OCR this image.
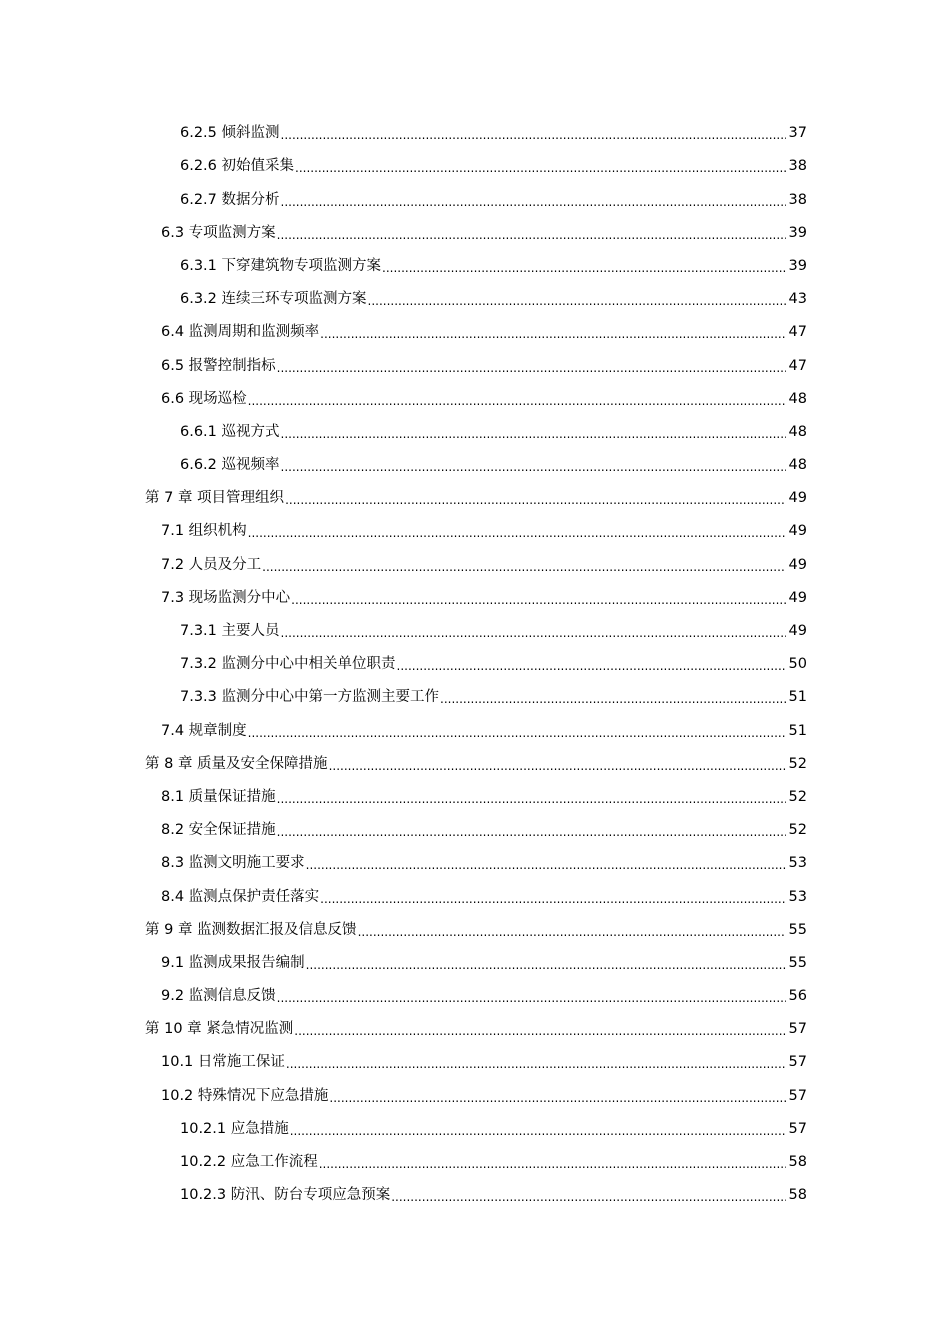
6.2.5 倾斜监测 .....	37
6.2.6 初始值采集 .....	38
6.2.7 数据分析 .....	38
6.3 专项监测方案 .....	39
6.3.1 下穿建筑物专项监测方案 .....	39
6.3.2 连续三环专项监测方案 .....	43
6.4 监测周期和监测频率 .....	47
6.5 报警控制指标 .....	47
6.6 现场巡检 .....	48
6.6.1 巡视方式 .....	48
6.6.2 巡视频率 .....	48
第 7 章 项目管理组织 .....	49
7.1 组织机构 .....	49
7.2 人员及分工 .....	49
7.3 现场监测分中心 .....	49
7.3.1 主要人员 .....	49
7.3.2 监测分中心中相关单位职责 .....	50
7.3.3 监测分中心中第一方监测主要工作 .....	51
7.4 规章制度 .....	51
第 8 章 质量及安全保障措施 .....	52
8.1 质量保证措施 .....	52
8.2 安全保证措施 .....	52
8.3 监测文明施工要求 .....	53
8.4 监测点保护责任落实 .....	53
第 9 章 监测数据汇报及信息反馈 .....	55
9.1 监测成果报告编制 .....	55
9.2 监测信息反馈 .....	56
第 10 章 紧急情况监测 .....	57
10.1 日常施工保证 .....	57
10.2 特殊情况下应急措施 .....	57
10.2.1 应急措施 .....	57
10.2.2 应急工作流程 .....	58
10.2.3 防汛、防台专项应急预案 .....	58
